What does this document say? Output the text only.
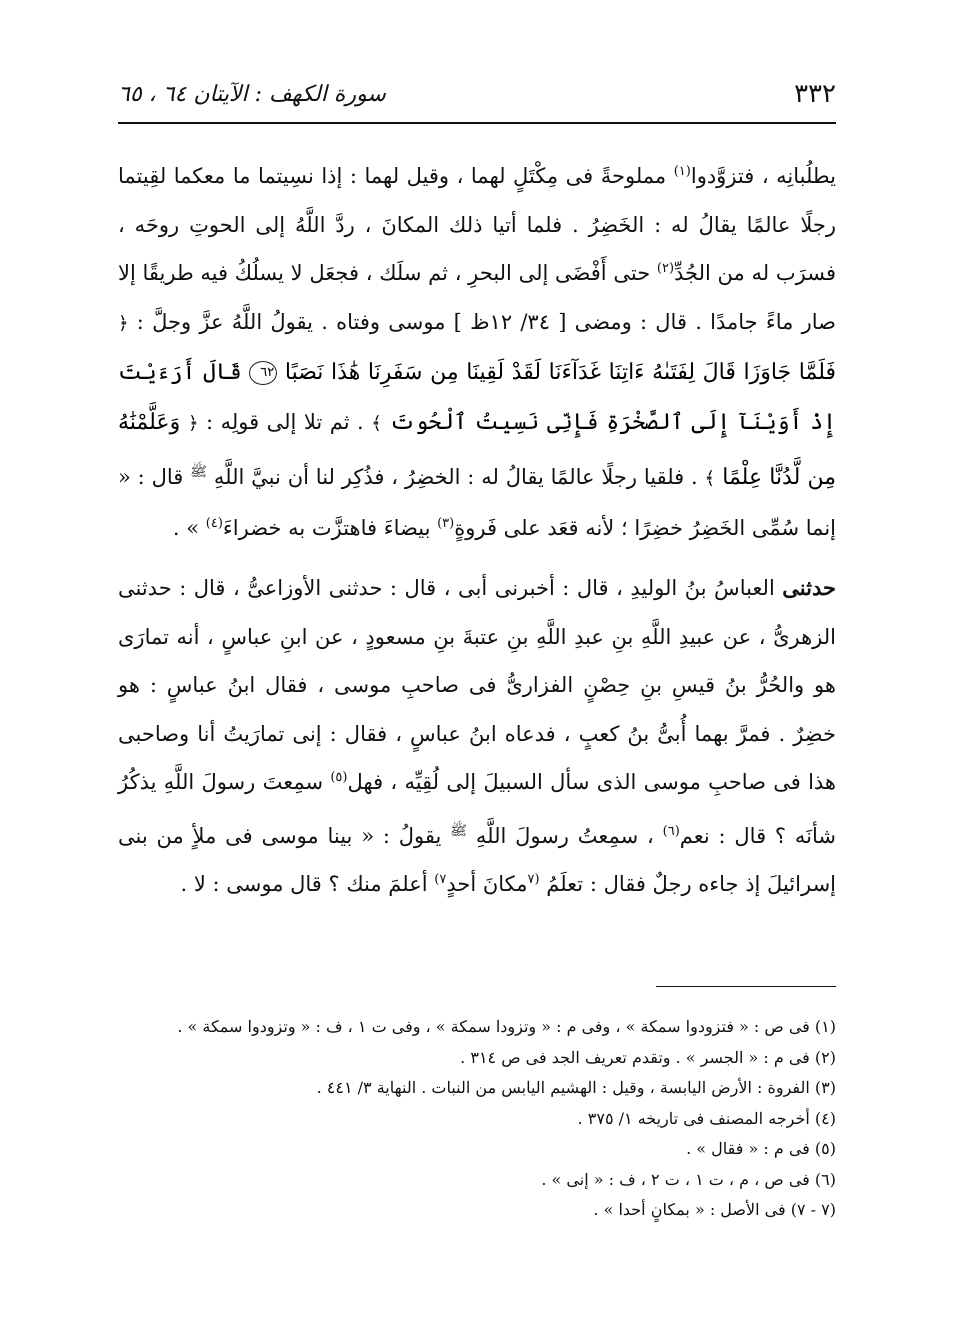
٣٣٢
سورة الكهف : الآيتان ٦٤ ، ٦٥

يطلُبانِه ، فتزوَّدوا$^{(١)}$ مملوحةً فى مِكْتَلٍ لهما ، وقيل لهما : إذا نسِيتما ما معكما لقِيتما رجلًا عالمًا يقالُ له : الخَضِرُ . فلما أتيا ذلك المكانَ ، ردَّ اللَّهُ إلى الحوتِ روحَه ، فسرَب له من الجُدِّ$^{(٢)}$ حتى أَفْضَى إلى البحرِ ، ثم سلَك ، فجعَل لا يسلُكُ فيه طريقًا إلا صار ماءً جامدًا . قال : ومضى [ ٣٤/ ١٢ظ ] موسى وفتاه . يقولُ اللَّهُ عزَّ وجلَّ : ﴿ فَلَمَّا جَاوَزَا قَالَ لِفَتَىٰهُ ءَاتِنَا غَدَآءَنَا لَقَدْ لَقِينَا مِن سَفَرِنَا هَٰذَا نَصَبًا ٦٢ قَالَ أَرَءَيْتَ إِذْ أَوَيْنَآ إِلَى ٱلصَّخْرَةِ فَإِنِّى نَسِيتُ ٱلْحُوتَ ﴾ . ثم تلا إلى قولِه : ﴿ وَعَلَّمْنَٰهُ مِن لَّدُنَّا عِلْمًا ﴾ . فلقيا رجلًا عالمًا يقالُ له : الخضِرُ ، فذُكِر لنا أن نبيَّ اللَّهِ $^ﷺ$ قال : « إنما سُمِّى الخَضِرُ خضِرًا ؛ لأنه قعَد على فَروةٍ$^{(٣)}$ بيضاءَ فاهتزَّت به خضراءَ$^{(٤)}$ » .

حدثنى العباسُ بنُ الوليدِ ، قال : أخبرنى أبى ، قال : حدثنى الأوزاعىُّ ، قال : حدثنى الزهرىُّ ، عن عبيدِ اللَّهِ بنِ عبدِ اللَّهِ بنِ عتبةَ بنِ مسعودٍ ، عن ابنِ عباسٍ ، أنه تمارَى هو والحُرُّ بنُ قيسِ بنِ حِصْنٍ الفزارىُّ فى صاحبِ موسى ، فقال ابنُ عباسٍ : هو خضِرٌ . فمرَّ بهما أُبىُّ بنُ كعبٍ ، فدعاه ابنُ عباسٍ ، فقال : إنى تمارَيتُ أنا وصاحبى هذا فى صاحبِ موسى الذى سأل السبيلَ إلى لُقِيِّه ، فهل$^{(٥)}$ سمِعتَ رسولَ اللَّهِ يذكُرُ شأنَه ؟ قال : نعم$^{(٦)}$ ، سمِعتُ رسولَ اللَّهِ $^ﷺ$ يقولُ : « بينا موسى فى ملأٍ من بنى إسرائيلَ إذ جاءه رجلٌ فقال : تعلَمُ $^{(٧}$مكانَ أحدٍ$^{٧)}$ أعلمَ منك ؟ قال موسى : لا .

(١) فى ص : « فتزودوا سمكة » ، وفى م : « وتزودا سمكة » ، وفى ت ١ ، ف : « وتزودوا سمكة » .
(٢) فى م : « الجسر » . وتقدم تعريف الجد فى ص ٣١٤ .
(٣) الفروة : الأرض اليابسة ، وقيل : الهشيم اليابس من النبات . النهاية ٣/ ٤٤١ .
(٤) أخرجه المصنف فى تاريخه ١/ ٣٧٥ .
(٥) فى م : « فقال » .
(٦) فى ص ، م ، ت ١ ، ت ٢ ، ف : « إنى » .
(٧ - ٧) فى الأصل : « بمكانٍ أحدا » .
